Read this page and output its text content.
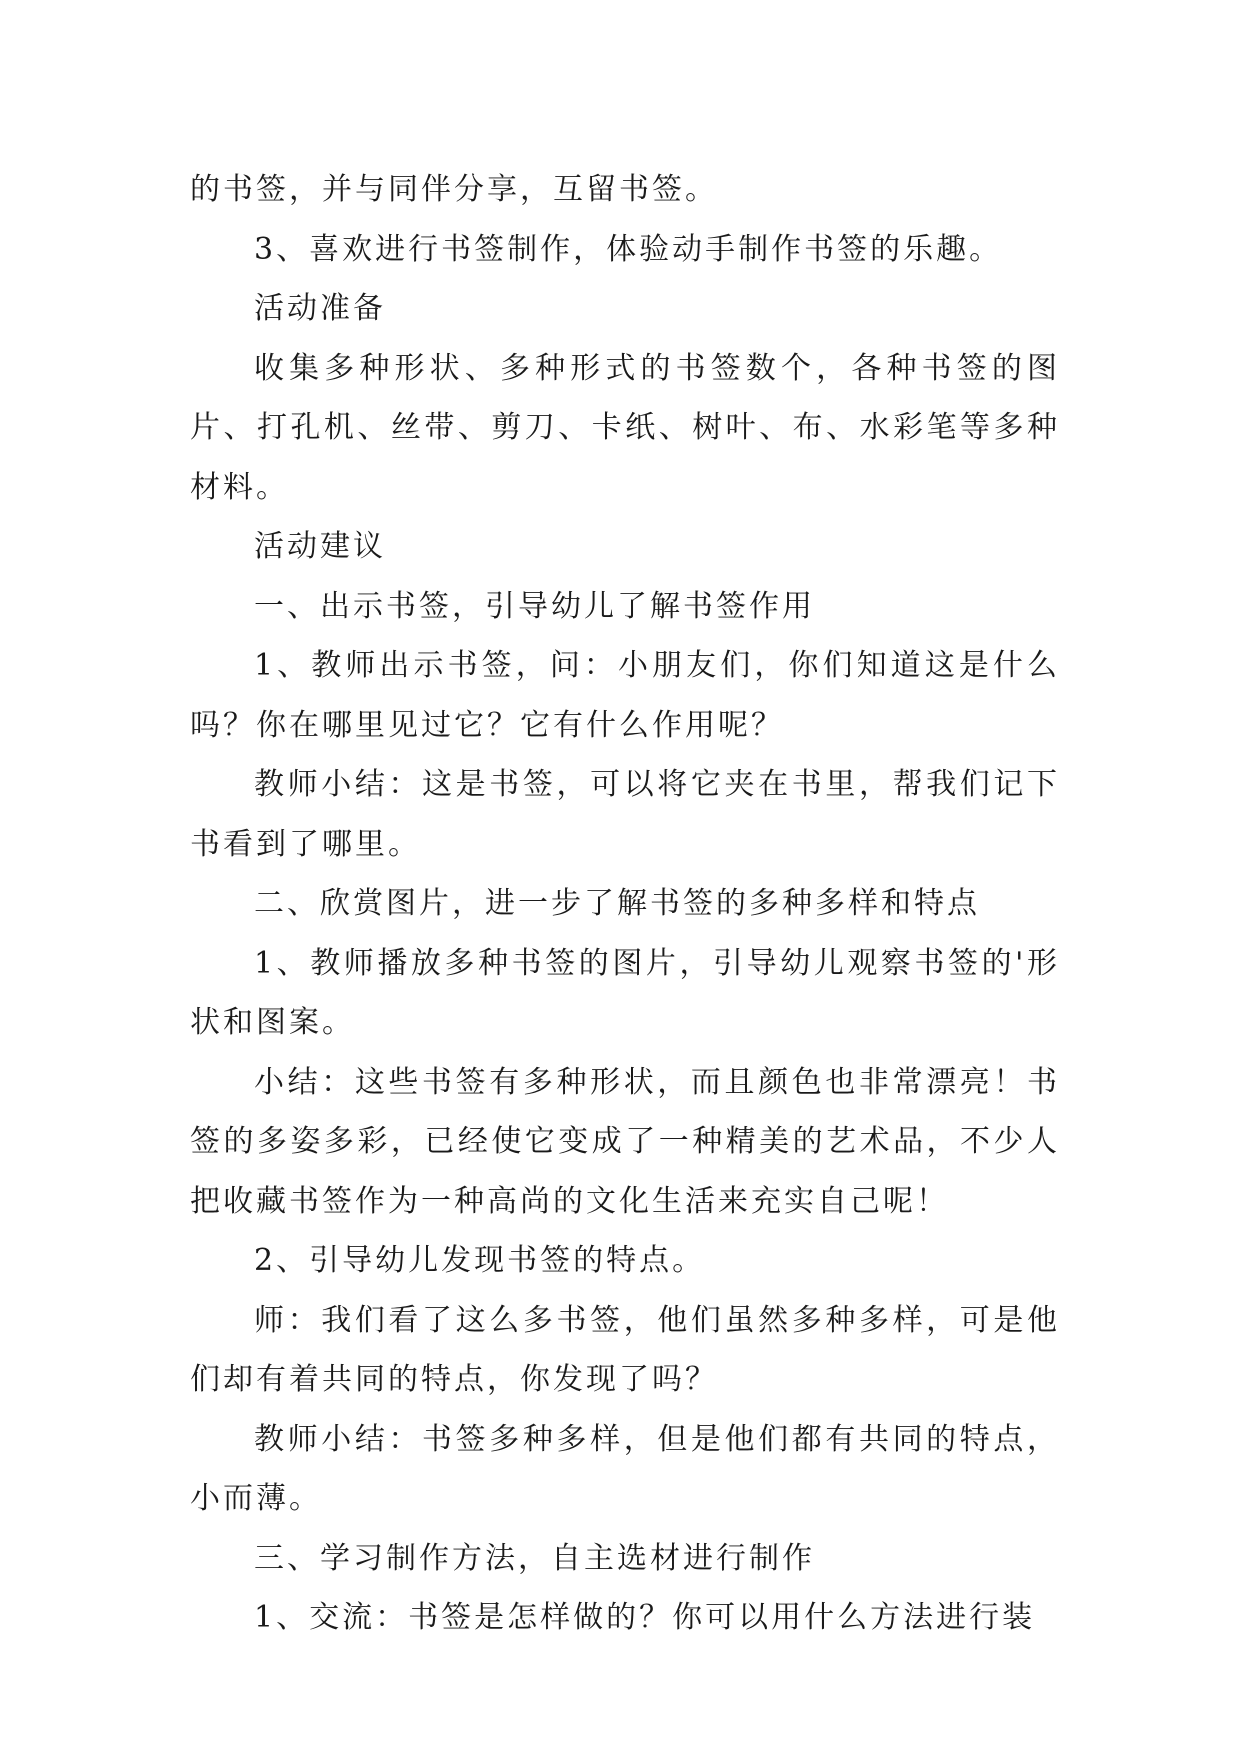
的书签，并与同伴分享，互留书签。

3、喜欢进行书签制作，体验动手制作书签的乐趣。

活动准备

收集多种形状、多种形式的书签数个，各种书签的图片、打孔机、丝带、剪刀、卡纸、树叶、布、水彩笔等多种材料。

活动建议

一、出示书签，引导幼儿了解书签作用

1、教师出示书签，问：小朋友们，你们知道这是什么吗？你在哪里见过它？它有什么作用呢？

教师小结：这是书签，可以将它夹在书里，帮我们记下书看到了哪里。

二、欣赏图片，进一步了解书签的多种多样和特点

1、教师播放多种书签的图片，引导幼儿观察书签的'形状和图案。

小结：这些书签有多种形状，而且颜色也非常漂亮！书签的多姿多彩，已经使它变成了一种精美的艺术品，不少人把收藏书签作为一种高尚的文化生活来充实自己呢！

2、引导幼儿发现书签的特点。

师：我们看了这么多书签，他们虽然多种多样，可是他们却有着共同的特点，你发现了吗？

教师小结：书签多种多样，但是他们都有共同的特点，小而薄。

三、学习制作方法，自主选材进行制作

1、交流：书签是怎样做的？你可以用什么方法进行装
